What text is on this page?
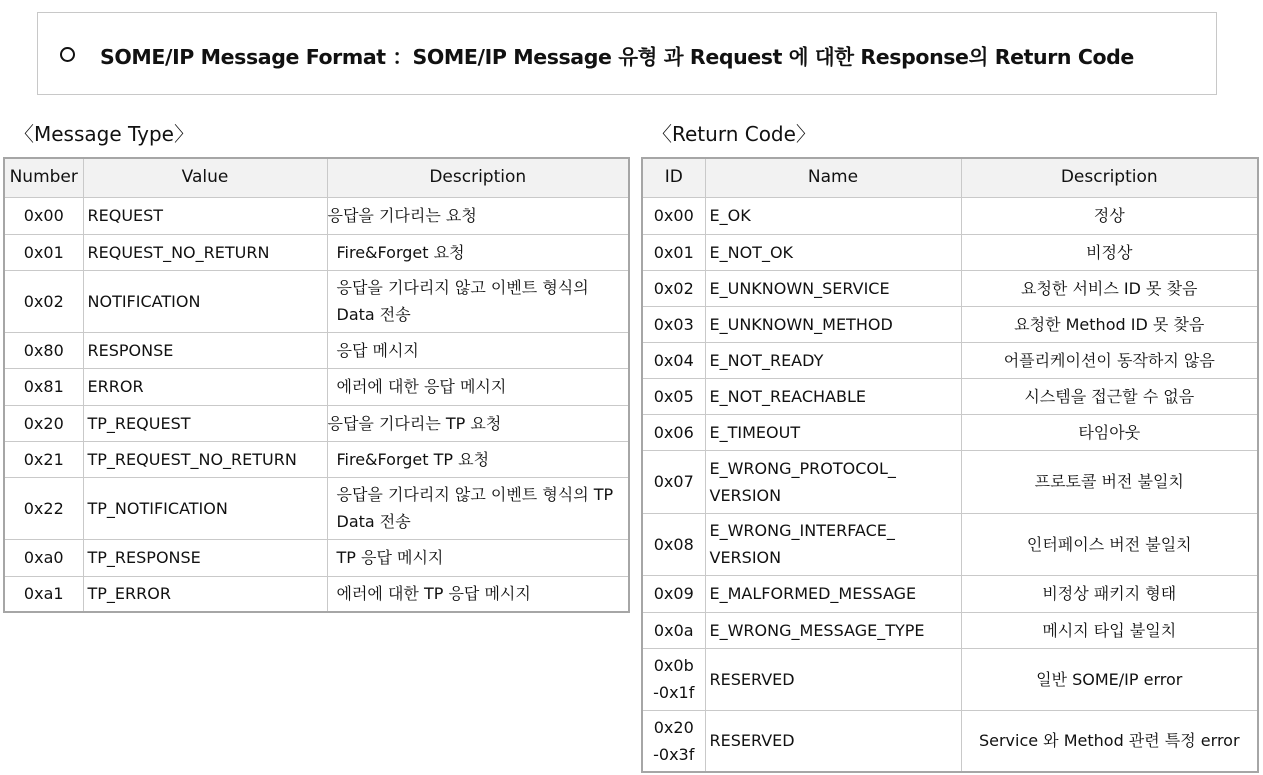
SOME/IP Message Format ：SOME/IP Message 유형 과 Request 에 대한 Response의 Return Code
〈Message Type〉	〈Return Code〉
Number	Value	Description
0x00	REQUEST	응답을 기다리는 요청
0x01	REQUEST_NO_RETURN	Fire&Forget 요청
0x02	NOTIFICATION	응답을 기다리지 않고 이벤트 형식의 Data 전송
0x80	RESPONSE	응답 메시지
0x81	ERROR	에러에 대한 응답 메시지
0x20	TP_REQUEST	응답을 기다리는 TP 요청
0x21	TP_REQUEST_NO_RETURN	Fire&Forget TP 요청
0x22	TP_NOTIFICATION	응답을 기다리지 않고 이벤트 형식의 TP Data 전송
0xa0	TP_RESPONSE	TP 응답 메시지
0xa1	TP_ERROR	에러에 대한 TP 응답 메시지
ID	Name	Description
0x00	E_OK	정상
0x01	E_NOT_OK	비정상
0x02	E_UNKNOWN_SERVICE	요청한 서비스 ID 못 찾음
0x03	E_UNKNOWN_METHOD	요청한 Method ID 못 찾음
0x04	E_NOT_READY	어플리케이션이 동작하지 않음
0x05	E_NOT_REACHABLE	시스템을 접근할 수 없음
0x06	E_TIMEOUT	타임아웃
0x07	E_WRONG_PROTOCOL_ VERSION	프로토콜 버전 불일치
0x08	E_WRONG_INTERFACE_ VERSION	인터페이스 버전 불일치
0x09	E_MALFORMED_MESSAGE	비정상 패키지 형태
0x0a	E_WRONG_MESSAGE_TYPE	메시지 타입 불일치
0x0b -0x1f	RESERVED	일반 SOME/IP error
0x20 -0x3f	RESERVED	Service 와 Method 관련 특정 error
